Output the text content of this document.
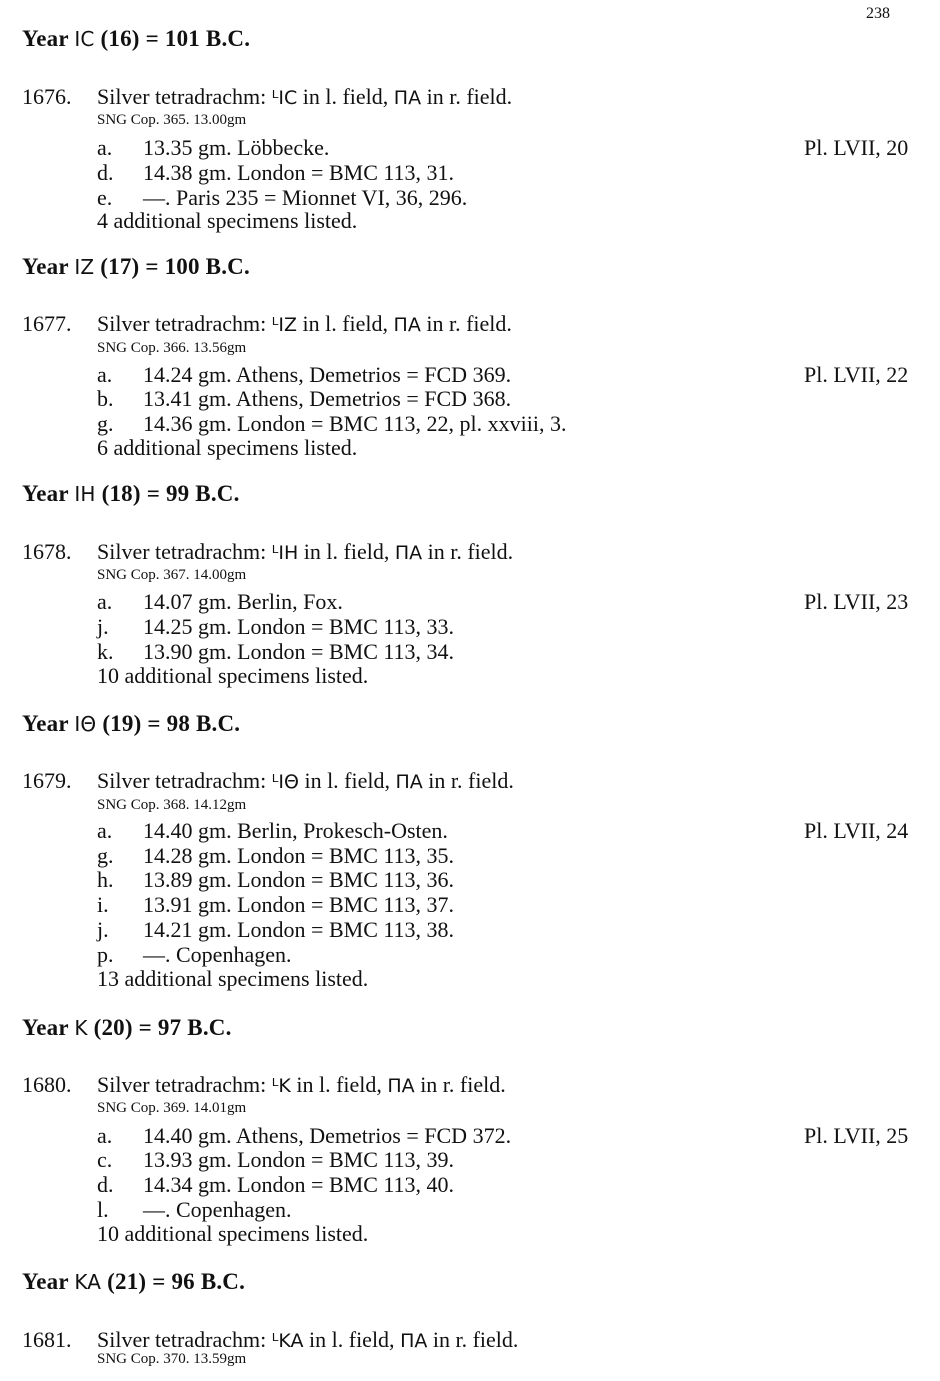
238
Year IC (16) = 101 B.C.
1676. Silver tetradrachm: ᴸIC in l. field, ΠΑ in r. field.
SNG Cop. 365. 13.00gm
a. 13.35 gm. Löbbecke.	Pl. LVII, 20
d. 14.38 gm. London = BMC 113, 31.
e. —. Paris 235 = Mionnet VI, 36, 296.
4 additional specimens listed.
Year IZ (17) = 100 B.C.
1677. Silver tetradrachm: ᴸIZ in l. field, ΠΑ in r. field.
SNG Cop. 366. 13.56gm
a. 14.24 gm. Athens, Demetrios = FCD 369.	Pl. LVII, 22
b. 13.41 gm. Athens, Demetrios = FCD 368.
g. 14.36 gm. London = BMC 113, 22, pl. xxviii, 3.
6 additional specimens listed.
Year IH (18) = 99 B.C.
1678. Silver tetradrachm: ᴸIH in l. field, ΠΑ in r. field.
SNG Cop. 367. 14.00gm
a. 14.07 gm. Berlin, Fox.	Pl. LVII, 23
j. 14.25 gm. London = BMC 113, 33.
k. 13.90 gm. London = BMC 113, 34.
10 additional specimens listed.
Year IΘ (19) = 98 B.C.
1679. Silver tetradrachm: ᴸIΘ in l. field, ΠΑ in r. field.
SNG Cop. 368. 14.12gm
a. 14.40 gm. Berlin, Prokesch-Osten.	Pl. LVII, 24
g. 14.28 gm. London = BMC 113, 35.
h. 13.89 gm. London = BMC 113, 36.
i. 13.91 gm. London = BMC 113, 37.
j. 14.21 gm. London = BMC 113, 38.
p. —. Copenhagen.
13 additional specimens listed.
Year K (20) = 97 B.C.
1680. Silver tetradrachm: ᴸK in l. field, ΠΑ in r. field.
SNG Cop. 369. 14.01gm
a. 14.40 gm. Athens, Demetrios = FCD 372.	Pl. LVII, 25
c. 13.93 gm. London = BMC 113, 39.
d. 14.34 gm. London = BMC 113, 40.
l. —. Copenhagen.
10 additional specimens listed.
Year KA (21) = 96 B.C.
1681. Silver tetradrachm: ᴸKA in l. field, ΠΑ in r. field.
SNG Cop. 370. 13.59gm
